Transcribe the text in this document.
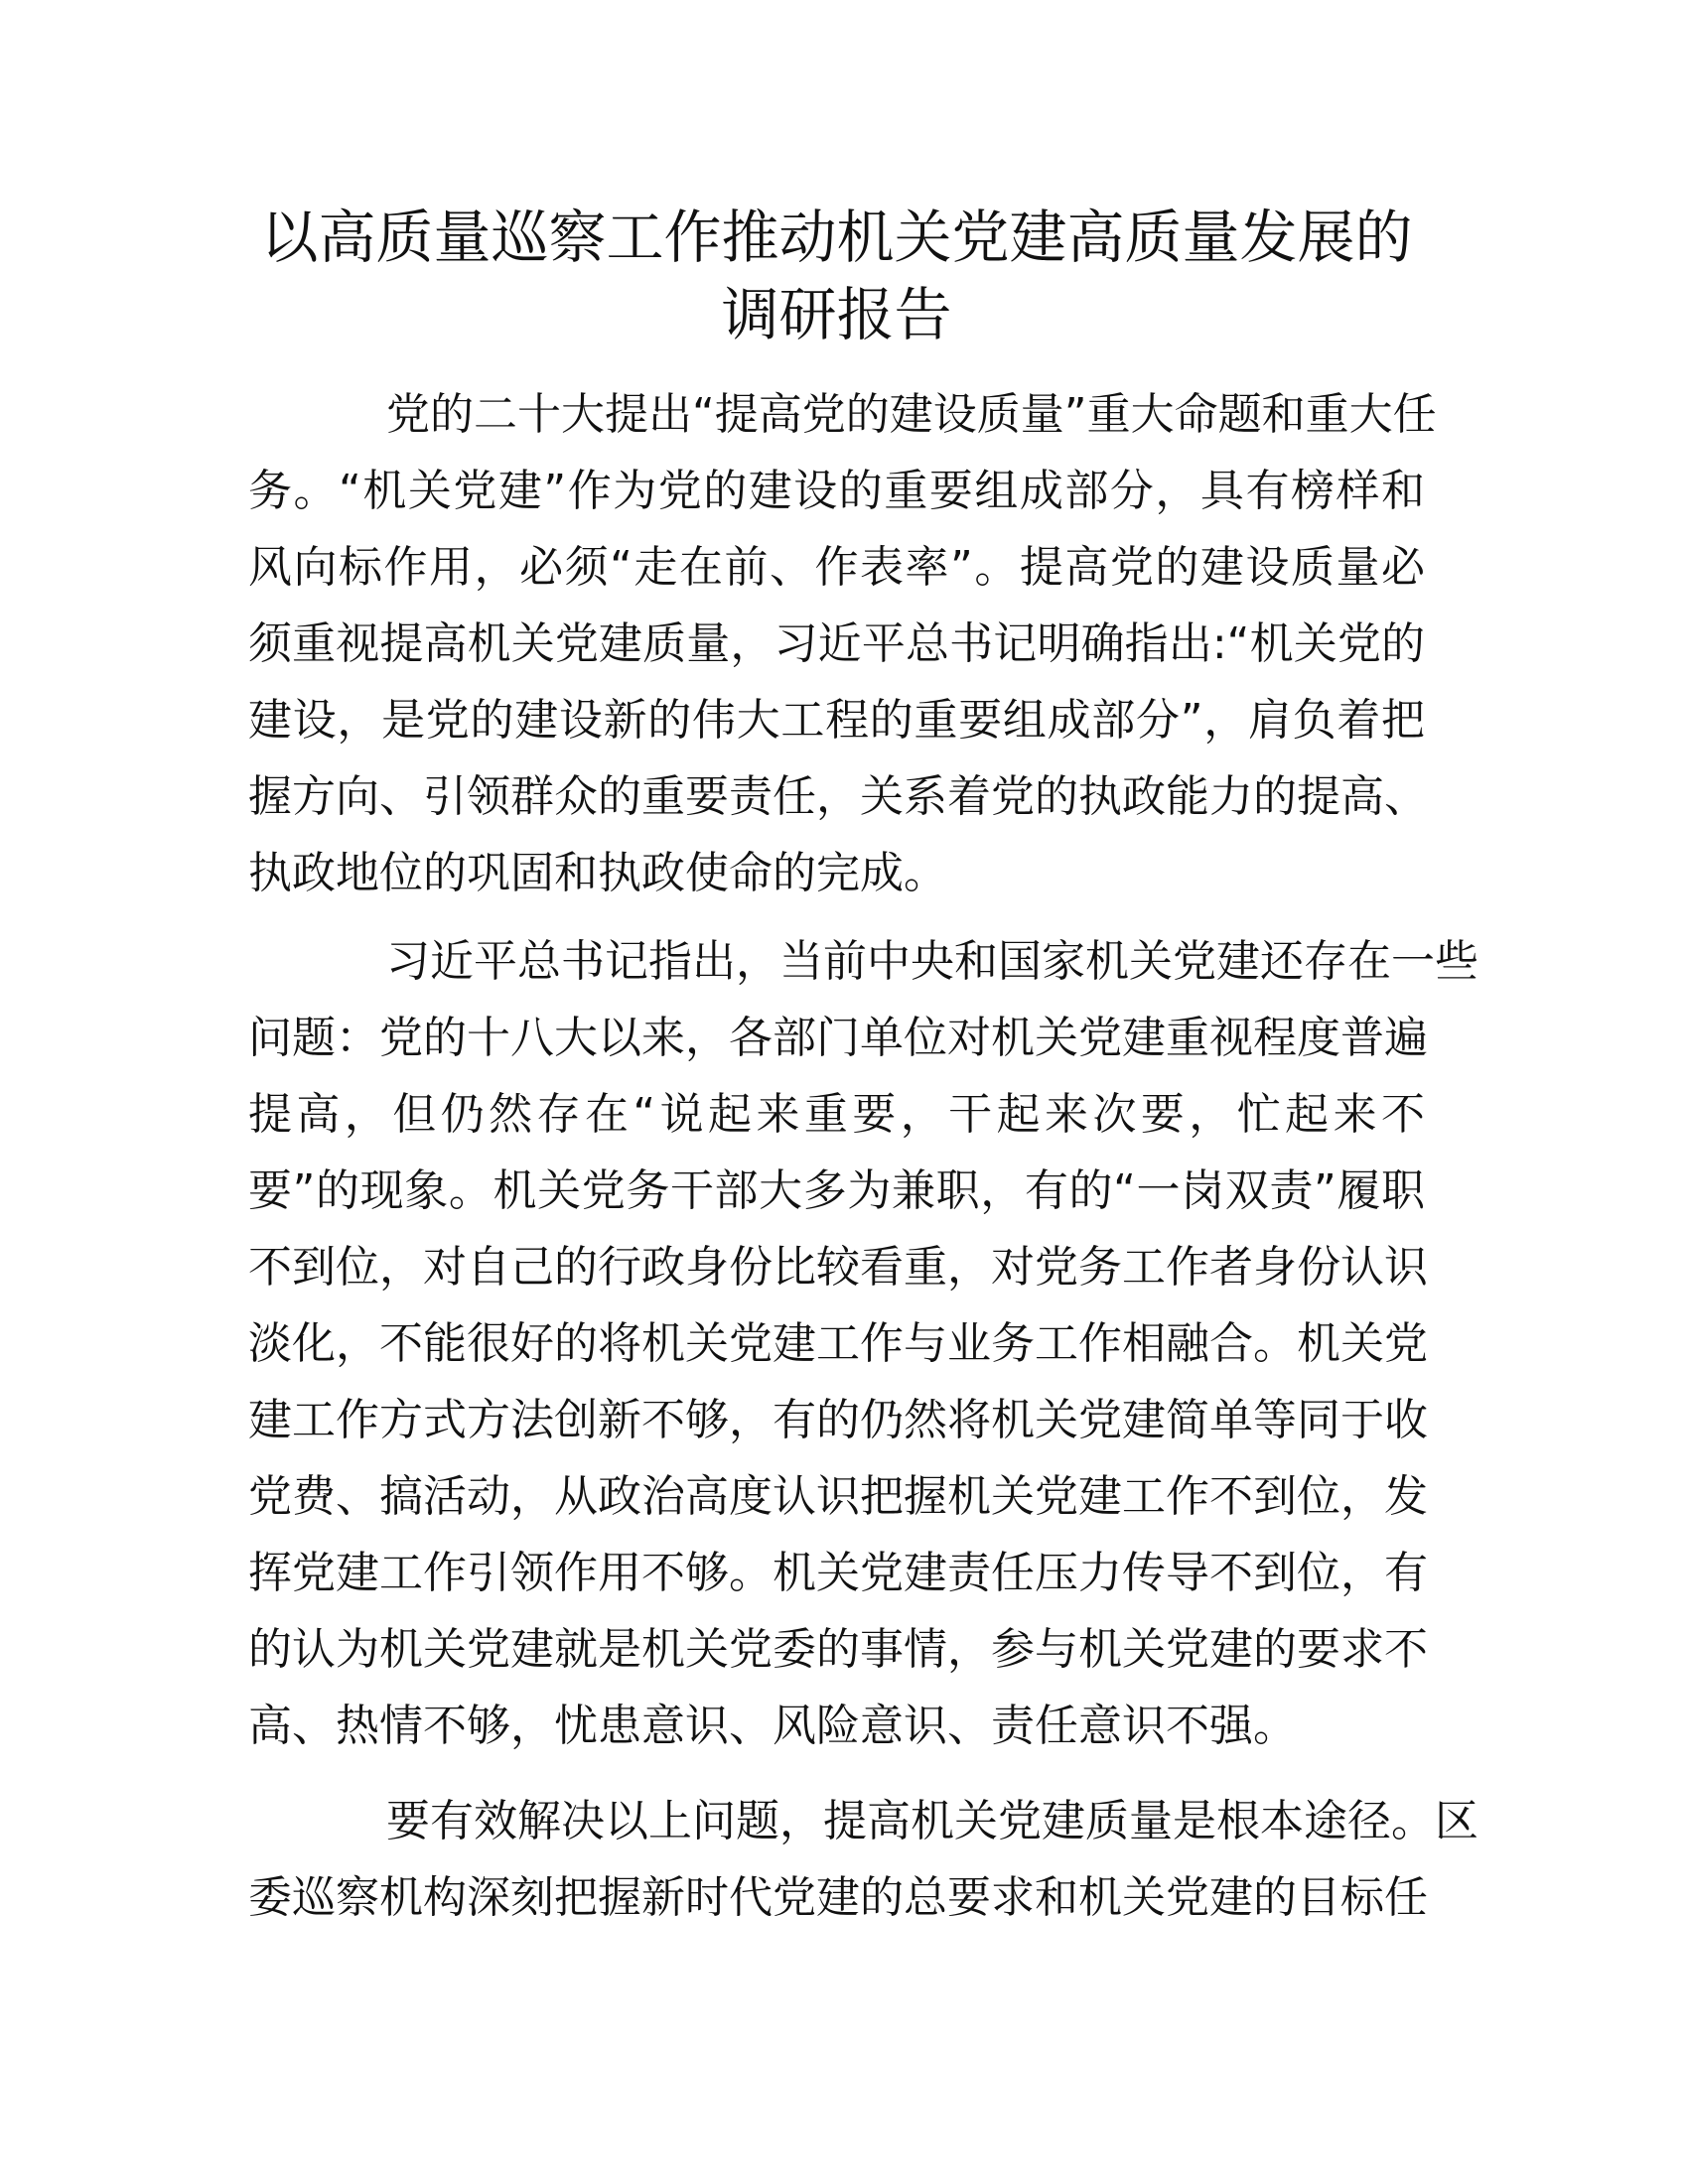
以高质量巡察工作推动机关党建高质量发展的
调研报告
党的二十大提出“提高党的建设质量”重大命题和重大任
务。“机关党建”作为党的建设的重要组成部分，具有榜样和
风向标作用，必须“走在前、作表率”。提高党的建设质量必
须重视提高机关党建质量，习近平总书记明确指出:“机关党的
建设，是党的建设新的伟大工程的重要组成部分”，肩负着把
握方向、引领群众的重要责任，关系着党的执政能力的提高、
执政地位的巩固和执政使命的完成。
习近平总书记指出，当前中央和国家机关党建还存在一些
问题：党的十八大以来，各部门单位对机关党建重视程度普遍
提高，但仍然存在“说起来重要，干起来次要，忙起来不
要”的现象。机关党务干部大多为兼职，有的“一岗双责”履职
不到位，对自己的行政身份比较看重，对党务工作者身份认识
淡化，不能很好的将机关党建工作与业务工作相融合。机关党
建工作方式方法创新不够，有的仍然将机关党建简单等同于收
党费、搞活动，从政治高度认识把握机关党建工作不到位，发
挥党建工作引领作用不够。机关党建责任压力传导不到位，有
的认为机关党建就是机关党委的事情，参与机关党建的要求不
高、热情不够，忧患意识、风险意识、责任意识不强。
要有效解决以上问题，提高机关党建质量是根本途径。区
委巡察机构深刻把握新时代党建的总要求和机关党建的目标任
